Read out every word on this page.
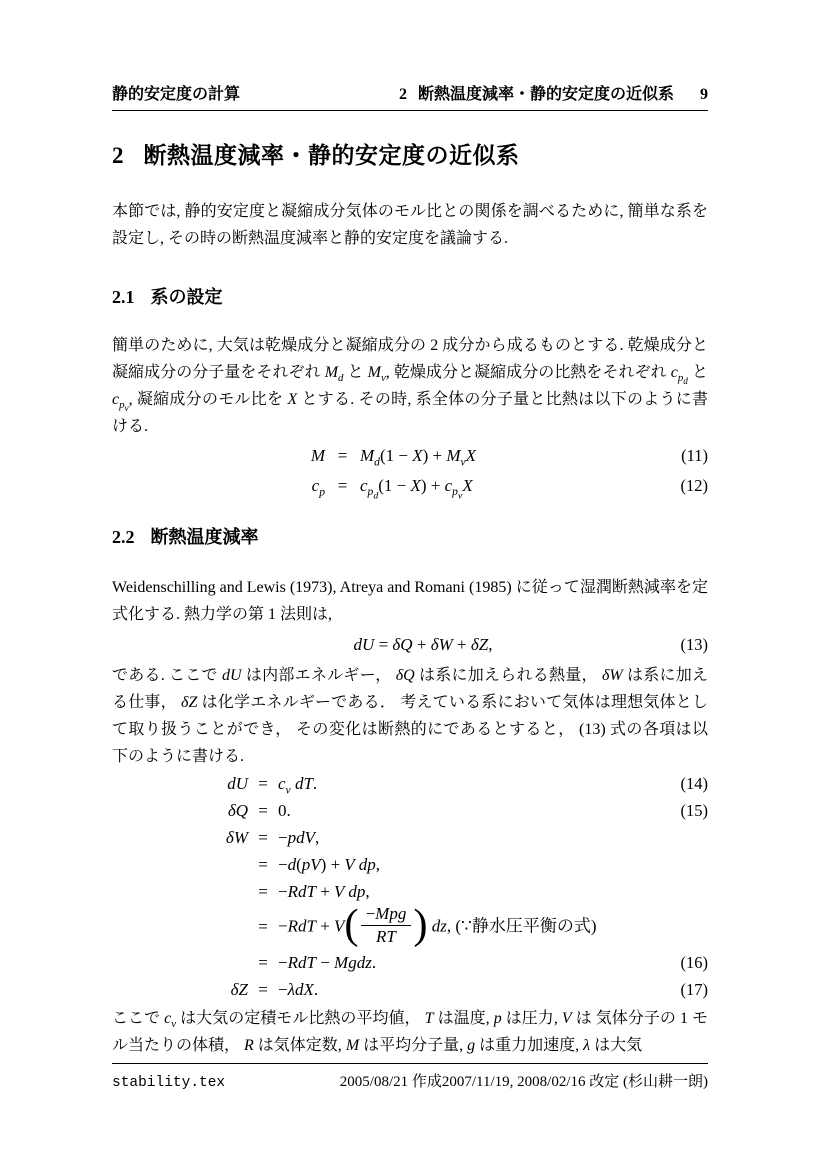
静的安定度の計算	2 断熱温度減率・静的安定度の近似系 9
2 断熱温度減率・静的安定度の近似系

本節では, 静的安定度と凝縮成分気体のモル比との関係を調べるために, 簡単な系を設定し, その時の断熱温度減率と静的安定度を議論する.

2.1 系の設定

簡単のために, 大気は乾燥成分と凝縮成分の 2 成分から成るものとする. 乾燥成分と凝縮成分の分子量をそれぞれ $M_d$ と $M_v$, 乾燥成分と凝縮成分の比熱をそれぞれ $c_{p_d}$ と $c_{p_v}$, 凝縮成分のモル比を X とする. その時, 系全体の分子量と比熱は以下のように書ける.

$M = M_d(1 - X) + M_vX$	(11)
$c_p = c_{p_d}(1 - X) + c_{p_v}X$	(12)
2.2 断熱温度減率

Weidenschilling and Lewis (1973), Atreya and Romani (1985) に従って湿潤断熱減率を定式化する. 熱力学の第 1 法則は,

dU = δQ + δW + δZ,	(13)

である. ここで dU は内部エネルギー， δQ は系に加えられる熱量， δW は系に加える仕事， δZ は化学エネルギーである． 考えている系において気体は理想気体として取り扱うことができ， その変化は断熱的にであるとすると， (13) 式の各項は以下のように書ける.

dU = $c_v$ dT.	(14)
δQ = 0.	(15)
δW = −pdV,
= −d(pV) + V dp,
= −RdT + V dp,
= −RdT + V( −Mpg
RT ) dz, (∵静水圧平衡の式)
= −RdT − Mgdz.	(16)
δZ = −λdX.	(17)

ここで $c_v$ は大気の定積モル比熱の平均値， T は温度, p は圧力, V は 気体分子の 1 モル当たりの体積， R は気体定数, M は平均分子量, g は重力加速度, λ は大気

stability.tex	2005/08/21 作成2007/11/19, 2008/02/16 改定 (杉山耕一朗)
